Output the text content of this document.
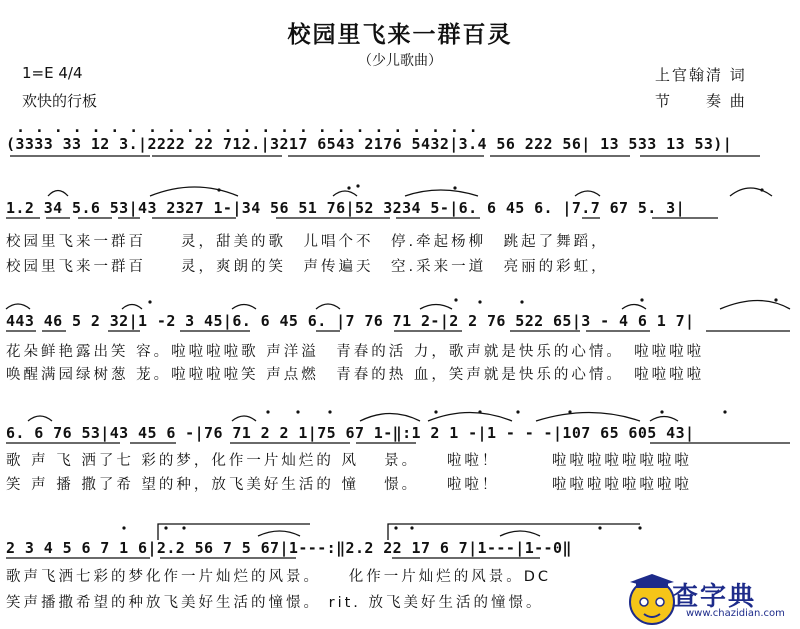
校园里飞来一群百灵
（少儿歌曲）
1=E 4/4
欢快的行板
上官翰清 词
节　　奏 曲
. . . . . . . . . . . . . . . . . . . . . . . . .
(3333 33 12 3.|2222 22 712.|3217 6543 2176 5432|3.4 56 222 56| 13 533 13 53)|
1.2 34 5.6 53|43 2327 1-|34 56 51 76|52 3234 5-|6. 6 45 6. |7.7 67 5. 3|
校园里飞来一群百　　灵，甜美的歌　儿唱个不　停.牵起杨柳　跳起了舞蹈，
校园里飞来一群百　　灵，爽朗的笑　声传遍天　空.采来一道　亮丽的彩虹，
443 46 5 2 32|1 -2 3 45|6. 6 45 6. |7 76 71 2-|2 2 76 522 65|3 - 4 6 1 7|
花朵鲜艳露出笑 容。啦啦啦啦歌 声洋溢　青春的活 力，歌声就是快乐的心情。　啦啦啦啦
唤醒满园绿树葱 茏。啦啦啦啦笑 声点燃　青春的热 血，笑声就是快乐的心情。　啦啦啦啦
6. 6 76 53|43 45 6 -|76 71 2 2 1|75 67 1-‖:1 2 1 -|1 - - -|107 65 605 43|
歌 声 飞 洒了七 彩的梦，化作一片灿烂的 风　 景。　　啦啦！　　　啦啦啦啦啦啦啦啦
笑 声 播 撒了希 望的种，放飞美好生活的 憧　 憬。　　啦啦！　　　啦啦啦啦啦啦啦啦
2 3 4 5 6 7 1 6|2.2 56 7 5 67|1---:‖2.2 22 17 6 7|1---|1--0‖
歌声飞洒七彩的梦化作一片灿烂的风景。　　化作一片灿烂的风景。DC
笑声播撒希望的种放飞美好生活的憧憬。 rit. 放飞美好生活的憧憬。	查字典
www.chazidian.com
